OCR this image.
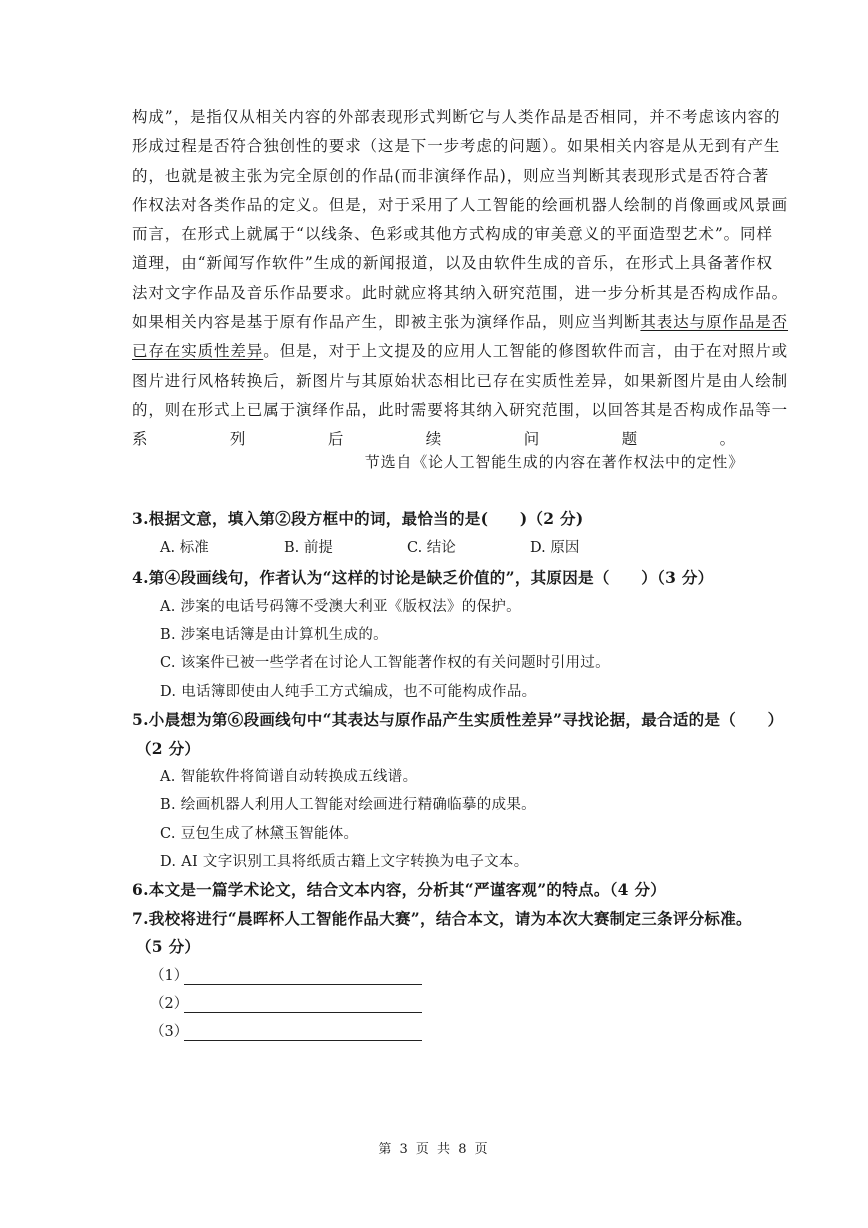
构成”，是指仅从相关内容的外部表现形式判断它与人类作品是否相同，并不考虑该内容的
形成过程是否符合独创性的要求（这是下一步考虑的问题）。如果相关内容是从无到有产生
的，也就是被主张为完全原创的作品(而非演绎作品)，则应当判断其表现形式是否符合著
作权法对各类作品的定义。但是，对于采用了人工智能的绘画机器人绘制的肖像画或风景画
而言，在形式上就属于“以线条、色彩或其他方式构成的审美意义的平面造型艺术”。同样
道理，由“新闻写作软件”生成的新闻报道，以及由软件生成的音乐，在形式上具备著作权
法对文字作品及音乐作品要求。此时就应将其纳入研究范围，进一步分析其是否构成作品。
如果相关内容是基于原有作品产生，即被主张为演绎作品，则应当判断其表达与原作品是否
已存在实质性差异。但是，对于上文提及的应用人工智能的修图软件而言，由于在对照片或
图片进行风格转换后，新图片与其原始状态相比已存在实质性差异，如果新图片是由人绘制
的，则在形式上已属于演绎作品，此时需要将其纳入研究范围，以回答其是否构成作品等一
系列后续问题。
节选自《论人工智能生成的内容在著作权法中的定性》
3.根据文意，填入第②段方框中的词，最恰当的是(　　)（2 分)
A. 标准	B. 前提	C. 结论	D. 原因
4.第④段画线句，作者认为“这样的讨论是缺乏价值的”，其原因是（　　）（3 分）
A. 涉案的电话号码簿不受澳大利亚《版权法》的保护。
B. 涉案电话簿是由计算机生成的。
C. 该案件已被一些学者在讨论人工智能著作权的有关问题时引用过。
D. 电话簿即使由人纯手工方式编成，也不可能构成作品。
5.小晨想为第⑥段画线句中“其表达与原作品产生实质性差异”寻找论据，最合适的是（　　）
（2 分）
A. 智能软件将简谱自动转换成五线谱。
B. 绘画机器人利用人工智能对绘画进行精确临摹的成果。
C. 豆包生成了林黛玉智能体。
D. AI 文字识别工具将纸质古籍上文字转换为电子文本。
6.本文是一篇学术论文，结合文本内容，分析其“严谨客观”的特点。（4 分）
7.我校将进行“晨晖杯人工智能作品大赛”，结合本文，请为本次大赛制定三条评分标准。
（5 分）
（1）
（2）
（3）
第 3 页 共 8 页
